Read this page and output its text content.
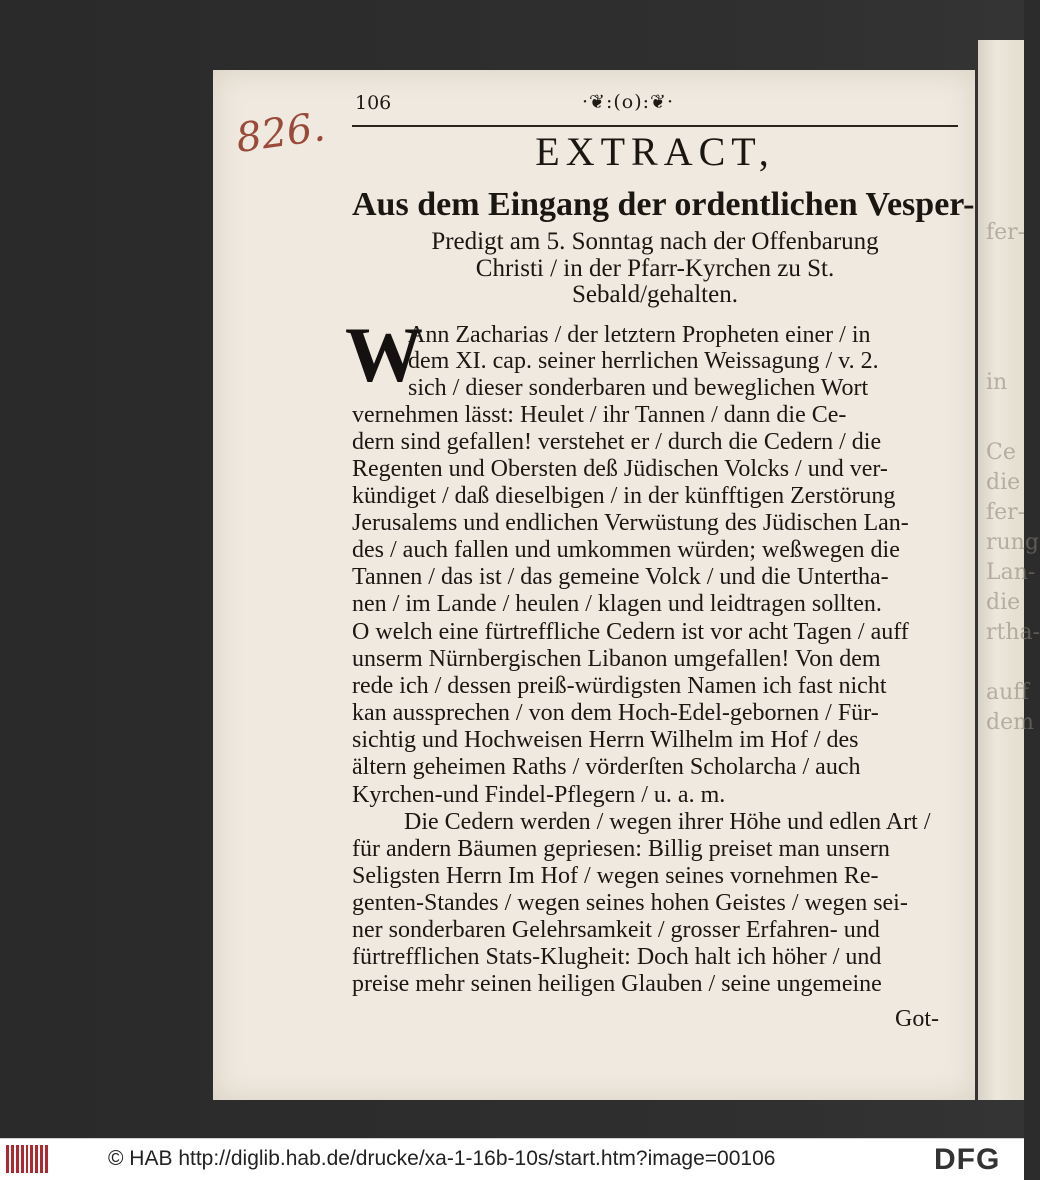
fer-
in
Ce
die
fer-
rung
Lan-
die
rtha-
auff
dem
826.
106	·❦:(o):❦·
EXTRACT,
Aus dem Eingang der ordentlichen Vesper-
Predigt am 5. Sonntag nach der Offenbarung
Christi / in der Pfarr-Kyrchen zu St.
Sebald/gehalten.
W
Ann Zacharias / der letztern Propheten einer / in
dem XI. cap. seiner herrlichen Weissagung / v. 2.
sich / dieser sonderbaren und beweglichen Wort
vernehmen lässt: Heulet / ihr Tannen / dann die Ce-
dern sind gefallen! verstehet er / durch die Cedern / die
Regenten und Obersten deß Jüdischen Volcks / und ver-
kündiget / daß dieselbigen / in der künfftigen Zerstörung
Jerusalems und endlichen Verwüstung des Jüdischen Lan-
des / auch fallen und umkommen würden; weßwegen die
Tannen / das ist / das gemeine Volck / und die Untertha-
nen / im Lande / heulen / klagen und leidtragen sollten.
O welch eine fürtreffliche Cedern ist vor acht Tagen / auff
unserm Nürnbergischen Libanon umgefallen! Von dem
rede ich / dessen preiß-würdigsten Namen ich fast nicht
kan aussprechen / von dem Hoch-Edel-gebornen / Für-
sichtig und Hochweisen Herrn Wilhelm im Hof / des
ältern geheimen Raths / vörderſten Scholarcha / auch
Kyrchen-und Findel-Pflegern / u. a. m.
Die Cedern werden / wegen ihrer Höhe und edlen Art /
für andern Bäumen gepriesen: Billig preiset man unsern
Seligsten Herrn Im Hof / wegen seines vornehmen Re-
genten-Standes / wegen seines hohen Geistes / wegen sei-
ner sonderbaren Gelehrsamkeit / grosser Erfahren- und
fürtrefflichen Stats-Klugheit: Doch halt ich höher / und
preise mehr seinen heiligen Glauben / seine ungemeine
Got-
© HAB http://diglib.hab.de/drucke/xa-1-16b-10s/start.htm?image=00106	DFG
